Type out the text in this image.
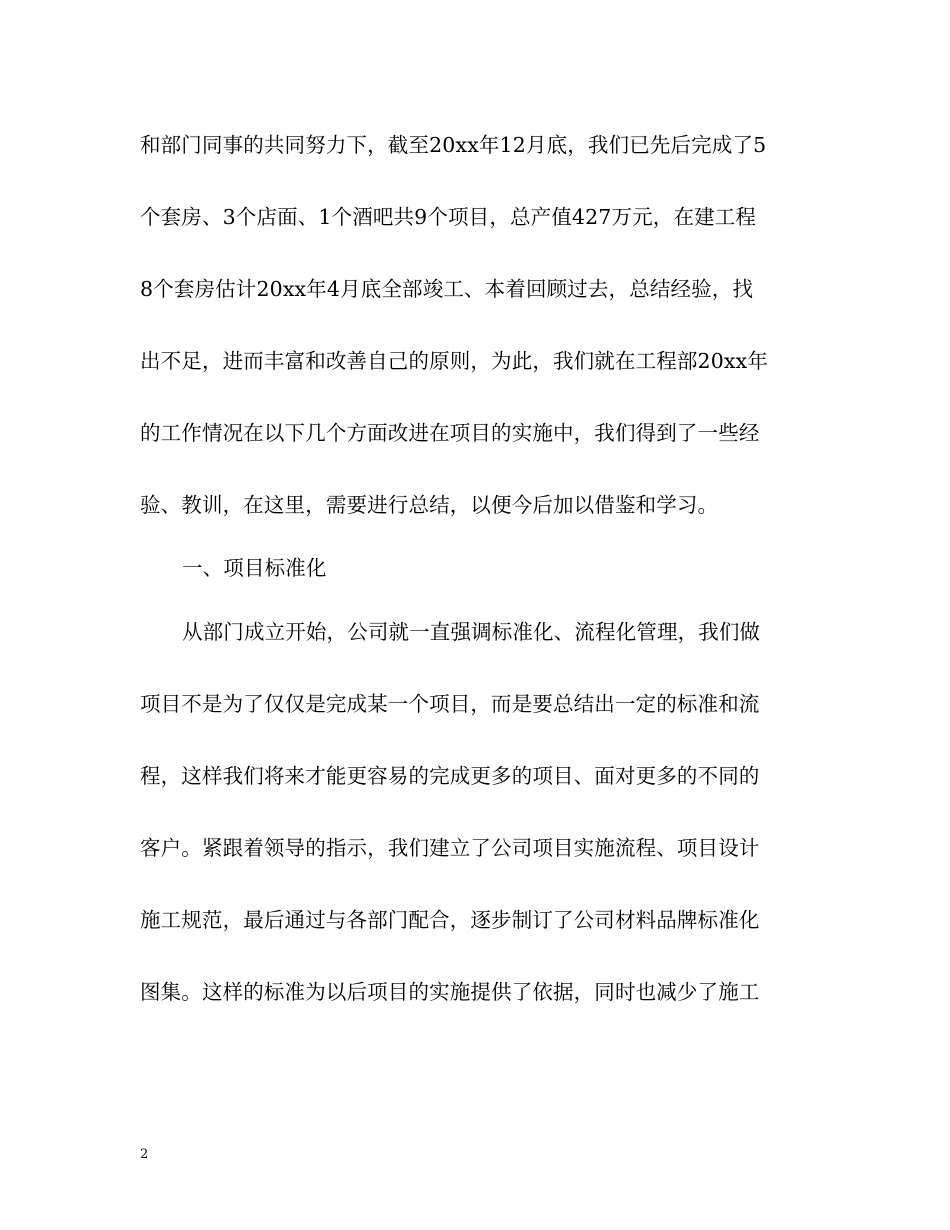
和部门同事的共同努力下，截至20xx年12月底，我们已先后完成了5
个套房、3个店面、1个酒吧共9个项目，总产值427万元，在建工程
8个套房估计20xx年4月底全部竣工、本着回顾过去，总结经验，找
出不足，进而丰富和改善自己的原则，为此，我们就在工程部20xx年
的工作情况在以下几个方面改进在项目的实施中，我们得到了一些经
验、教训，在这里，需要进行总结，以便今后加以借鉴和学习。
一、项目标准化
从部门成立开始，公司就一直强调标准化、流程化管理，我们做
项目不是为了仅仅是完成某一个项目，而是要总结出一定的标准和流
程，这样我们将来才能更容易的完成更多的项目、面对更多的不同的
客户。紧跟着领导的指示，我们建立了公司项目实施流程、项目设计
施工规范，最后通过与各部门配合，逐步制订了公司材料品牌标准化
图集。这样的标准为以后项目的实施提供了依据，同时也减少了施工
2
